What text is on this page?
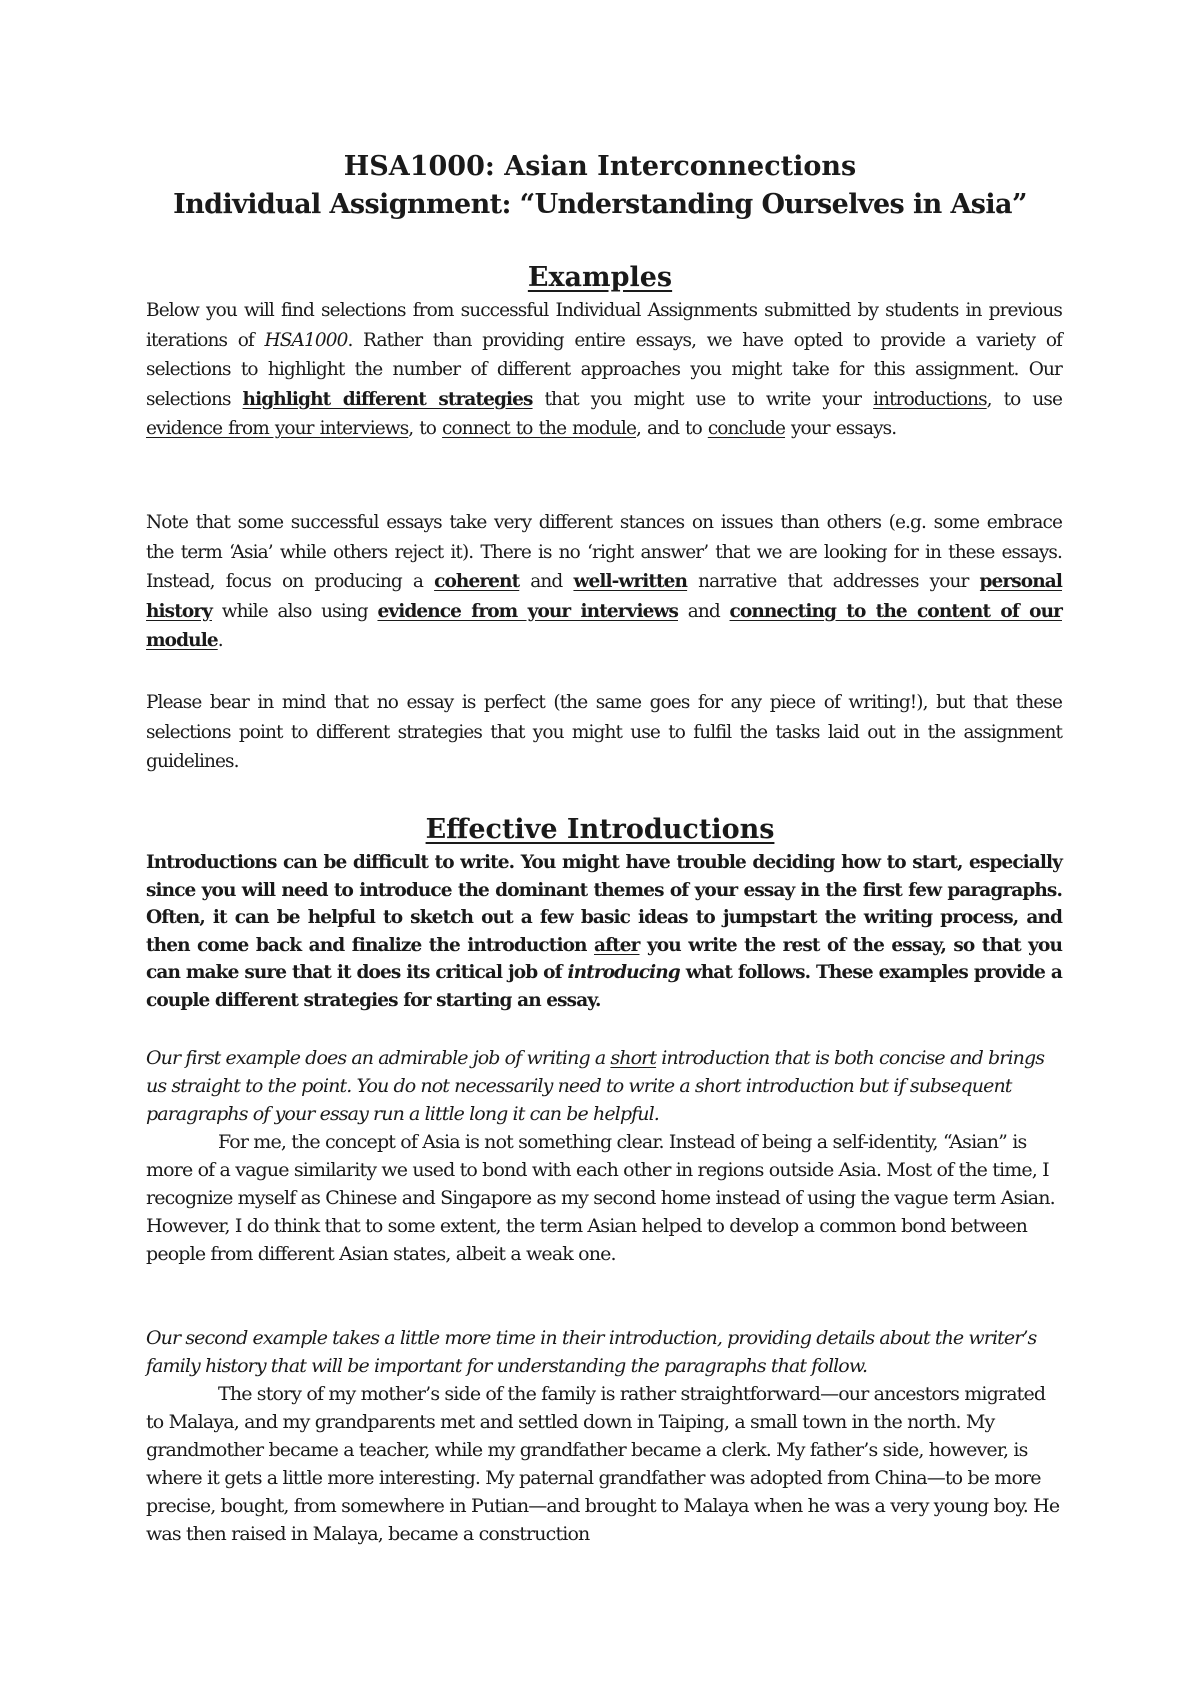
HSA1000: Asian Interconnections
Individual Assignment: “Understanding Ourselves in Asia”
Examples

Below you will find selections from successful Individual Assignments submitted by students in previous iterations of HSA1000. Rather than providing entire essays, we have opted to provide a variety of selections to highlight the number of different approaches you might take for this assignment. Our selections highlight different strategies that you might use to write your introductions, to use evidence from your interviews, to connect to the module, and to conclude your essays.

Note that some successful essays take very different stances on issues than others (e.g. some embrace the term ‘Asia’ while others reject it). There is no ‘right answer’ that we are looking for in these essays. Instead, focus on producing a coherent and well-written narrative that addresses your personal history while also using evidence from your interviews and connecting to the content of our module.

Please bear in mind that no essay is perfect (the same goes for any piece of writing!), but that these selections point to different strategies that you might use to fulfil the tasks laid out in the assignment guidelines.

Effective Introductions

Introductions can be difficult to write. You might have trouble deciding how to start, especially since you will need to introduce the dominant themes of your essay in the first few paragraphs. Often, it can be helpful to sketch out a few basic ideas to jumpstart the writing process, and then come back and finalize the introduction after you write the rest of the essay, so that you can make sure that it does its critical job of introducing what follows. These examples provide a couple different strategies for starting an essay.

Our first example does an admirable job of writing a short introduction that is both concise and brings us straight to the point. You do not necessarily need to write a short introduction but if subsequent paragraphs of your essay run a little long it can be helpful.

For me, the concept of Asia is not something clear. Instead of being a self-identity, “Asian” is more of a vague similarity we used to bond with each other in regions outside Asia. Most of the time, I recognize myself as Chinese and Singapore as my second home instead of using the vague term Asian. However, I do think that to some extent, the term Asian helped to develop a common bond between people from different Asian states, albeit a weak one.

Our second example takes a little more time in their introduction, providing details about the writer’s family history that will be important for understanding the paragraphs that follow.

The story of my mother’s side of the family is rather straightforward—our ancestors migrated to Malaya, and my grandparents met and settled down in Taiping, a small town in the north. My grandmother became a teacher, while my grandfather became a clerk. My father’s side, however, is where it gets a little more interesting. My paternal grandfather was adopted from China—to be more precise, bought, from somewhere in Putian—and brought to Malaya when he was a very young boy. He was then raised in Malaya, became a construction
